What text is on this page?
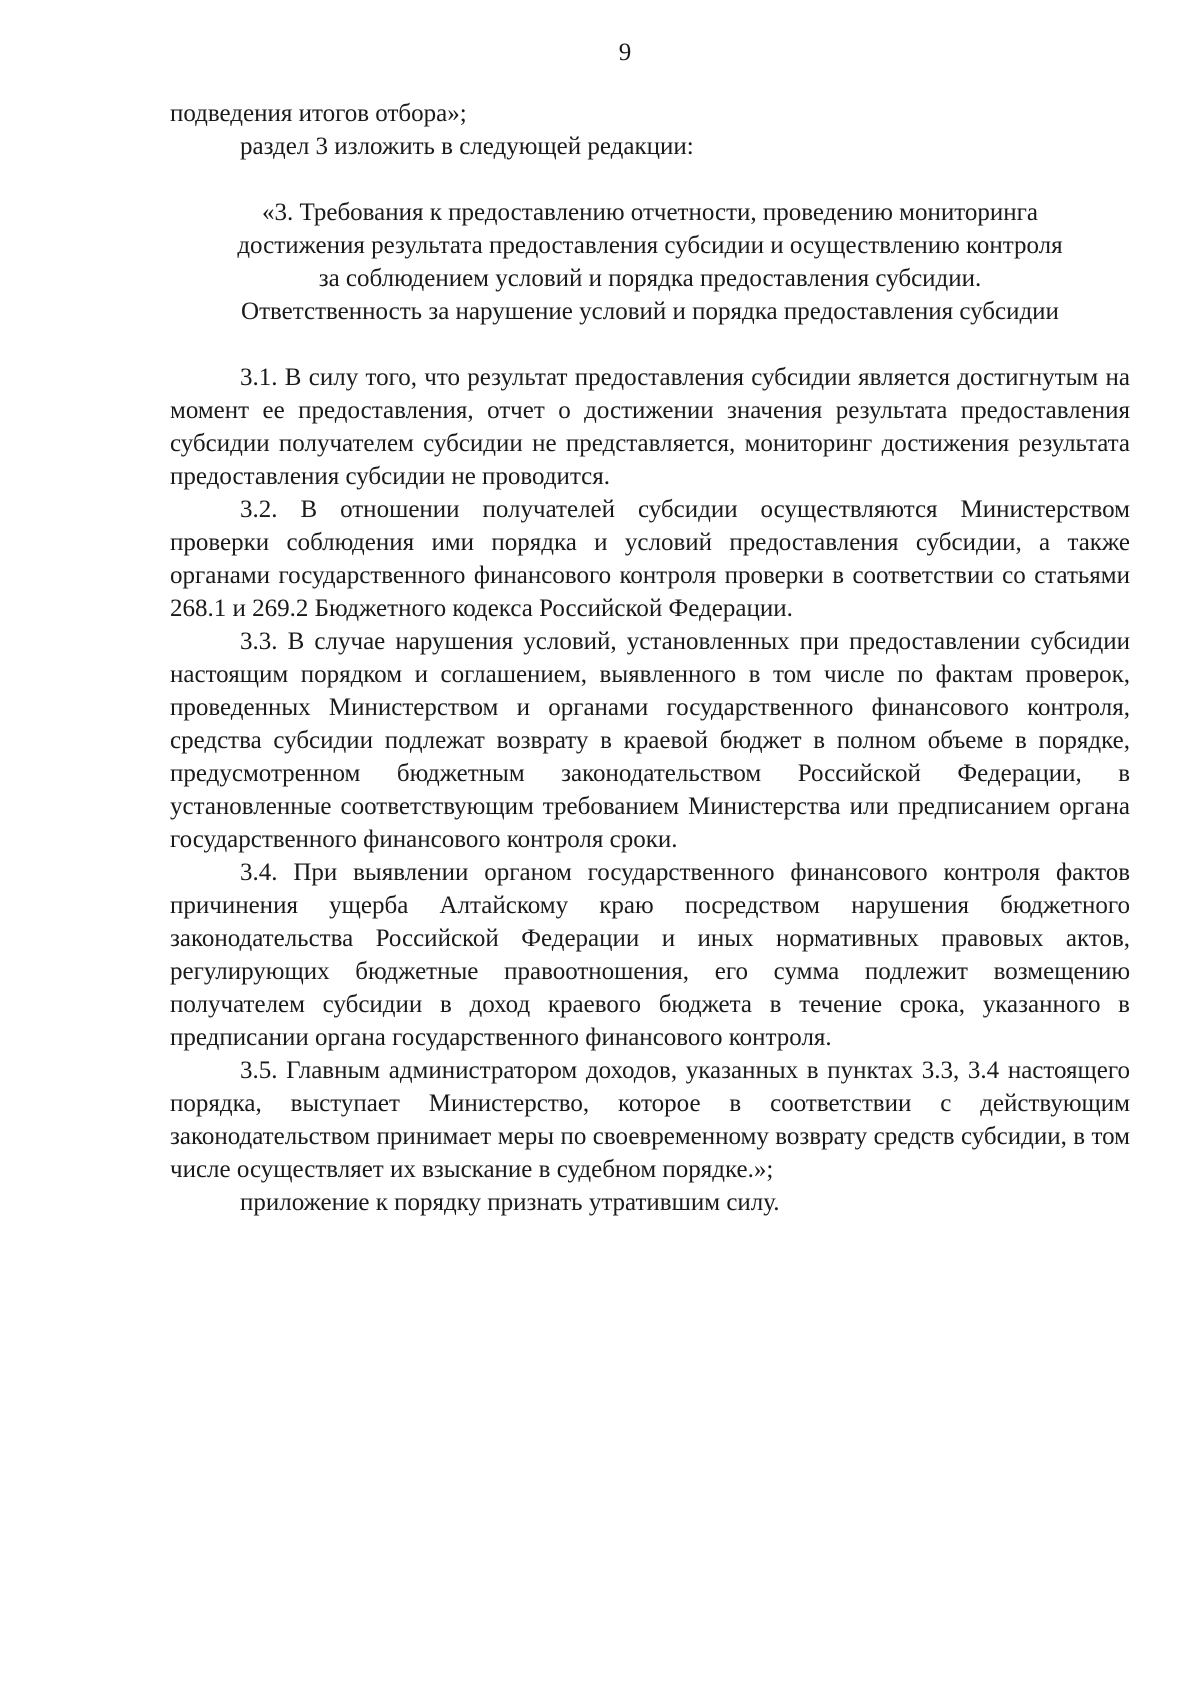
9

подведения итогов отбора»;

раздел 3 изложить в следующей редакции:

«3. Требования к предоставлению отчетности, проведению мониторинга
достижения результата предоставления субсидии и осуществлению контроля
за соблюдением условий и порядка предоставления субсидии.
Ответственность за нарушение условий и порядка предоставления субсидии

3.1. В силу того, что результат предоставления субсидии является достигнутым на момент ее предоставления, отчет о достижении значения результата предоставления субсидии получателем субсидии не представляется, мониторинг достижения результата предоставления субсидии не проводится.

3.2. В отношении получателей субсидии осуществляются Министерством проверки соблюдения ими порядка и условий предоставления субсидии, а также органами государственного финансового контроля проверки в соответствии со статьями 268.1 и 269.2 Бюджетного кодекса Российской Федерации.

3.3. В случае нарушения условий, установленных при предоставлении субсидии настоящим порядком и соглашением, выявленного в том числе по фактам проверок, проведенных Министерством и органами государственного финансового контроля, средства субсидии подлежат возврату в краевой бюджет в полном объеме в порядке, предусмотренном бюджетным законодательством Российской Федерации, в установленные соответствующим требованием Министерства или предписанием органа государственного финансового контроля сроки.

3.4. При выявлении органом государственного финансового контроля фактов причинения ущерба Алтайскому краю посредством нарушения бюджетного законодательства Российской Федерации и иных нормативных правовых актов, регулирующих бюджетные правоотношения, его сумма подлежит возмещению получателем субсидии в доход краевого бюджета в течение срока, указанного в предписании органа государственного финансового контроля.

3.5. Главным администратором доходов, указанных в пунктах 3.3, 3.4 настоящего порядка, выступает Министерство, которое в соответствии с действующим законодательством принимает меры по своевременному возврату средств субсидии, в том числе осуществляет их взыскание в судебном порядке.»;

приложение к порядку признать утратившим силу.
